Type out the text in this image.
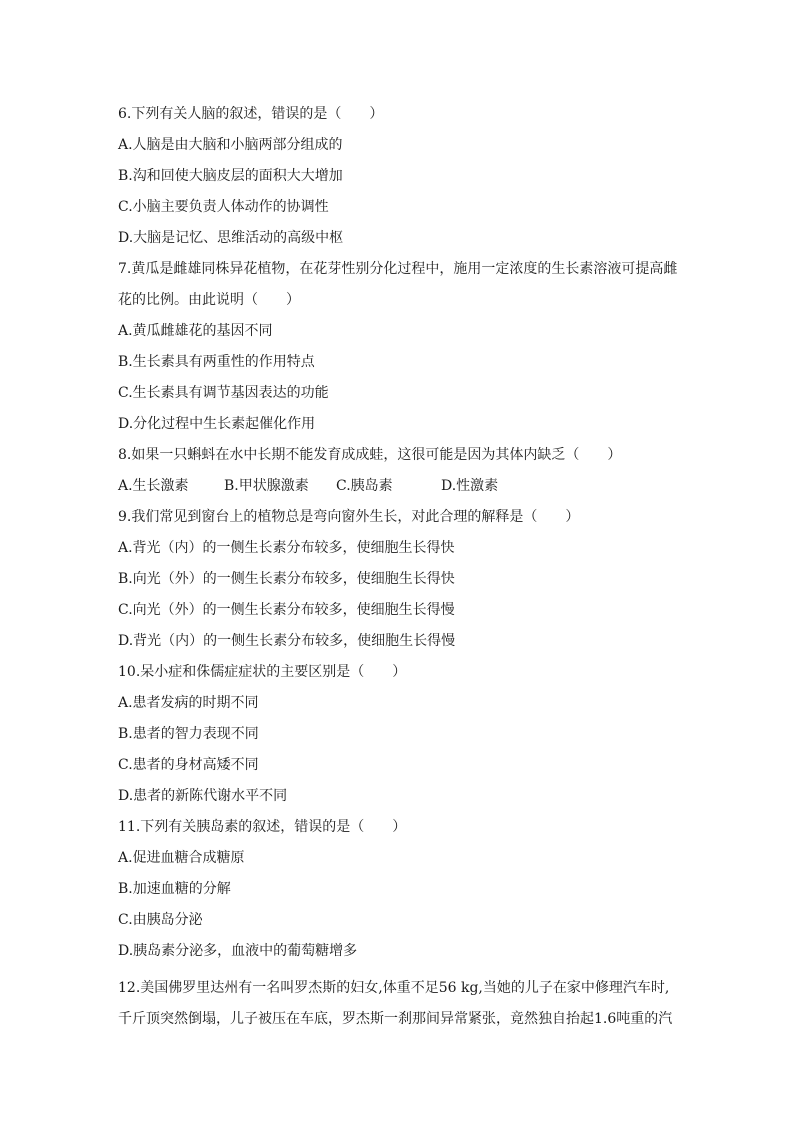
6.下列有关人脑的叙述，错误的是（　　）
A.人脑是由大脑和小脑两部分组成的
B.沟和回使大脑皮层的面积大大增加
C.小脑主要负责人体动作的协调性
D.大脑是记忆、思维活动的高级中枢
7.黄瓜是雌雄同株异花植物，在花芽性别分化过程中，施用一定浓度的生长素溶液可提高雌
花的比例。由此说明（　　）
A.黄瓜雌雄花的基因不同
B.生长素具有两重性的作用特点
C.生长素具有调节基因表达的功能
D.分化过程中生长素起催化作用
8.如果一只蝌蚪在水中长期不能发育成成蛙，这很可能是因为其体内缺乏（　　）
A.生长激素	B.甲状腺激素 C.胰岛素	D.性激素
9.我们常见到窗台上的植物总是弯向窗外生长，对此合理的解释是（　　）
A.背光（内）的一侧生长素分布较多，使细胞生长得快
B.向光（外）的一侧生长素分布较多，使细胞生长得快
C.向光（外）的一侧生长素分布较多，使细胞生长得慢
D.背光（内）的一侧生长素分布较多，使细胞生长得慢
10.呆小症和侏儒症症状的主要区别是（　　）
A.患者发病的时期不同
B.患者的智力表现不同
C.患者的身材高矮不同
D.患者的新陈代谢水平不同
11.下列有关胰岛素的叙述，错误的是（　　）
A.促进血糖合成糖原
B.加速血糖的分解
C.由胰岛分泌
D.胰岛素分泌多，血液中的葡萄糖增多
12.美国佛罗里达州有一名叫罗杰斯的妇女,体重不足56 kg,当她的儿子在家中修理汽车时,
千斤顶突然倒塌，儿子被压在车底，罗杰斯一刹那间异常紧张，竟然独自抬起1.6吨重的汽
